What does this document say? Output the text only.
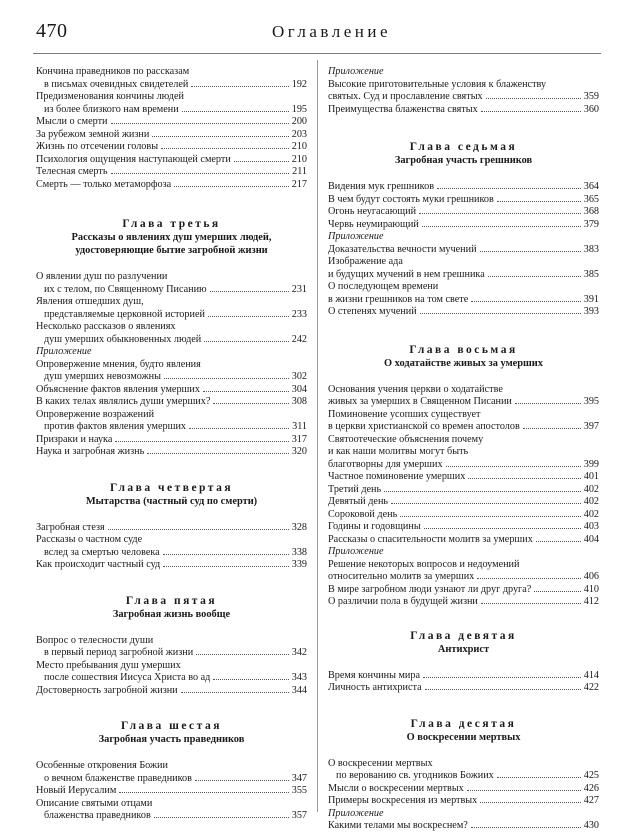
470	Оглавление
Кончина праведников по рассказам
в письмах очевидных свидетелей	192
Предизменования кончины людей
из более близкого нам времени	195
Мысли о смерти	200
За рубежом земной жизни	203
Жизнь по отсечении головы	210
Психология ощущения наступающей смерти	210
Телесная смерть	211
Смерть — только метаморфоза	217
Глава третья
Рассказы о явлениях душ умерших людей,
удостоверяющие бытие загробной жизни
О явлении душ по разлучении
их с телом, по Священному Писанию	231
Явления отшедших душ,
представляемые церковной историей	233
Несколько рассказов о явлениях
душ умерших обыкновенных людей	242
Приложение
Опровержение мнения, будто явления
душ умерших невозможны	302
Объяснение фактов явления умерших	304
В каких телах являлись души умерших?	308
Опровержение возражений
против фактов явления умерших	311
Призраки и наука	317
Наука и загробная жизнь	320
Глава четвертая
Мытарства (частный суд по смерти)
Загробная стезя	328
Рассказы о частном суде
вслед за смертью человека	338
Как происходит частный суд	339
Глава пятая
Загробная жизнь вообще
Вопрос о телесности души
в первый период загробной жизни	342
Место пребывания душ умерших
после сошествия Иисуса Христа во ад	343
Достоверность загробной жизни	344
Глава шестая
Загробная участь праведников
Особенные откровения Божии
о вечном блаженстве праведников	347
Новый Иерусалим	355
Описание святыми отцами
блаженства праведников	357
Приложение
Высокие приготовительные условия к блаженству
святых. Суд и прославление святых	359
Преимущества блаженства святых	360
Глава седьмая
Загробная участь грешников
Видения мук грешников	364
В чем будут состоять муки грешников	365
Огонь неугасающий	368
Червь неумирающий	379
Приложение
Доказательства вечности мучений	383
Изображение ада
и будущих мучений в нем грешника	385
О последующем времени
в жизни грешников на том свете	391
О степенях мучений	393
Глава восьмая
О ходатайстве живых за умерших
Основания учения церкви о ходатайстве
живых за умерших в Священном Писании	395
Поминовение усопших существует
в церкви христианской со времен апостолов	397
Святоотеческие объяснения почему
и как наши молитвы могут быть
благотворны для умерших	399
Частное поминовение умерших	401
Третий день	402
Девятый день	402
Сороковой день	402
Годины и годовщины	403
Рассказы о спасительности молитв за умерших	404
Приложение
Решение некоторых вопросов и недоумений
относительно молитв за умерших	406
В мире загробном люди узнают ли друг друга?	410
О различии пола в будущей жизни	412
Глава девятая
Антихрист
Время кончины мира	414
Личность антихриста	422
Глава десятая
О воскресении мертвых
О воскресении мертвых
по верованию св. угодников Божиих	425
Мысли о воскресении мертвых	426
Примеры воскресения из мертвых	427
Приложение
Какими телами мы воскреснем?	430
